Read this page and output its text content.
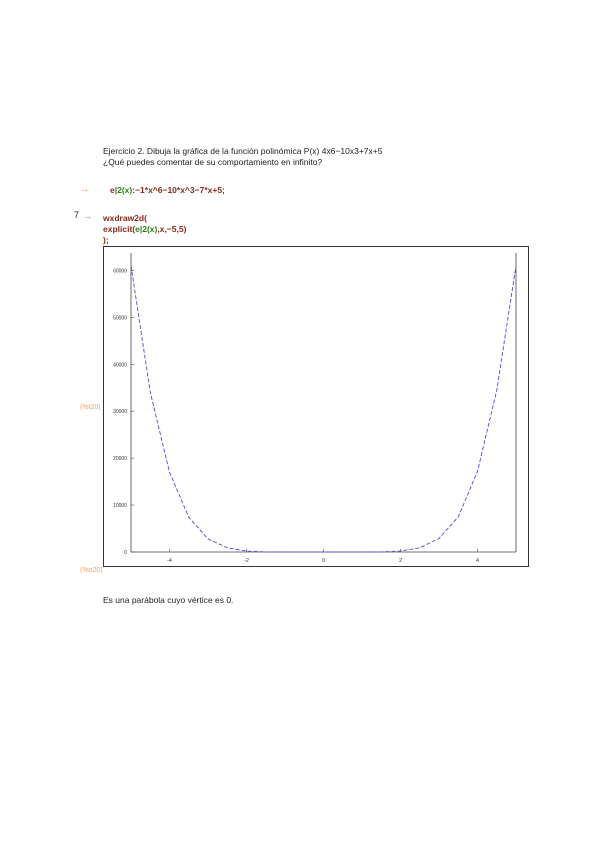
Ejercicio 2. Dibuja la gráfica de la función polinómica P(x) 4x6−10x3+7x+5
¿Qué puedes comentar de su comportamiento en infinito?
→ e|2(x):−1*x^6−10*x^3−7*x+5;
7 → wxdraw2d(
explicit(e|2(x),x,−5,5)
);
(%t20)
(%o20)
0
10000
20000
30000
40000
50000
60000
-4	-2	0	2	4
Es una parábola cuyo vértice es 0.
